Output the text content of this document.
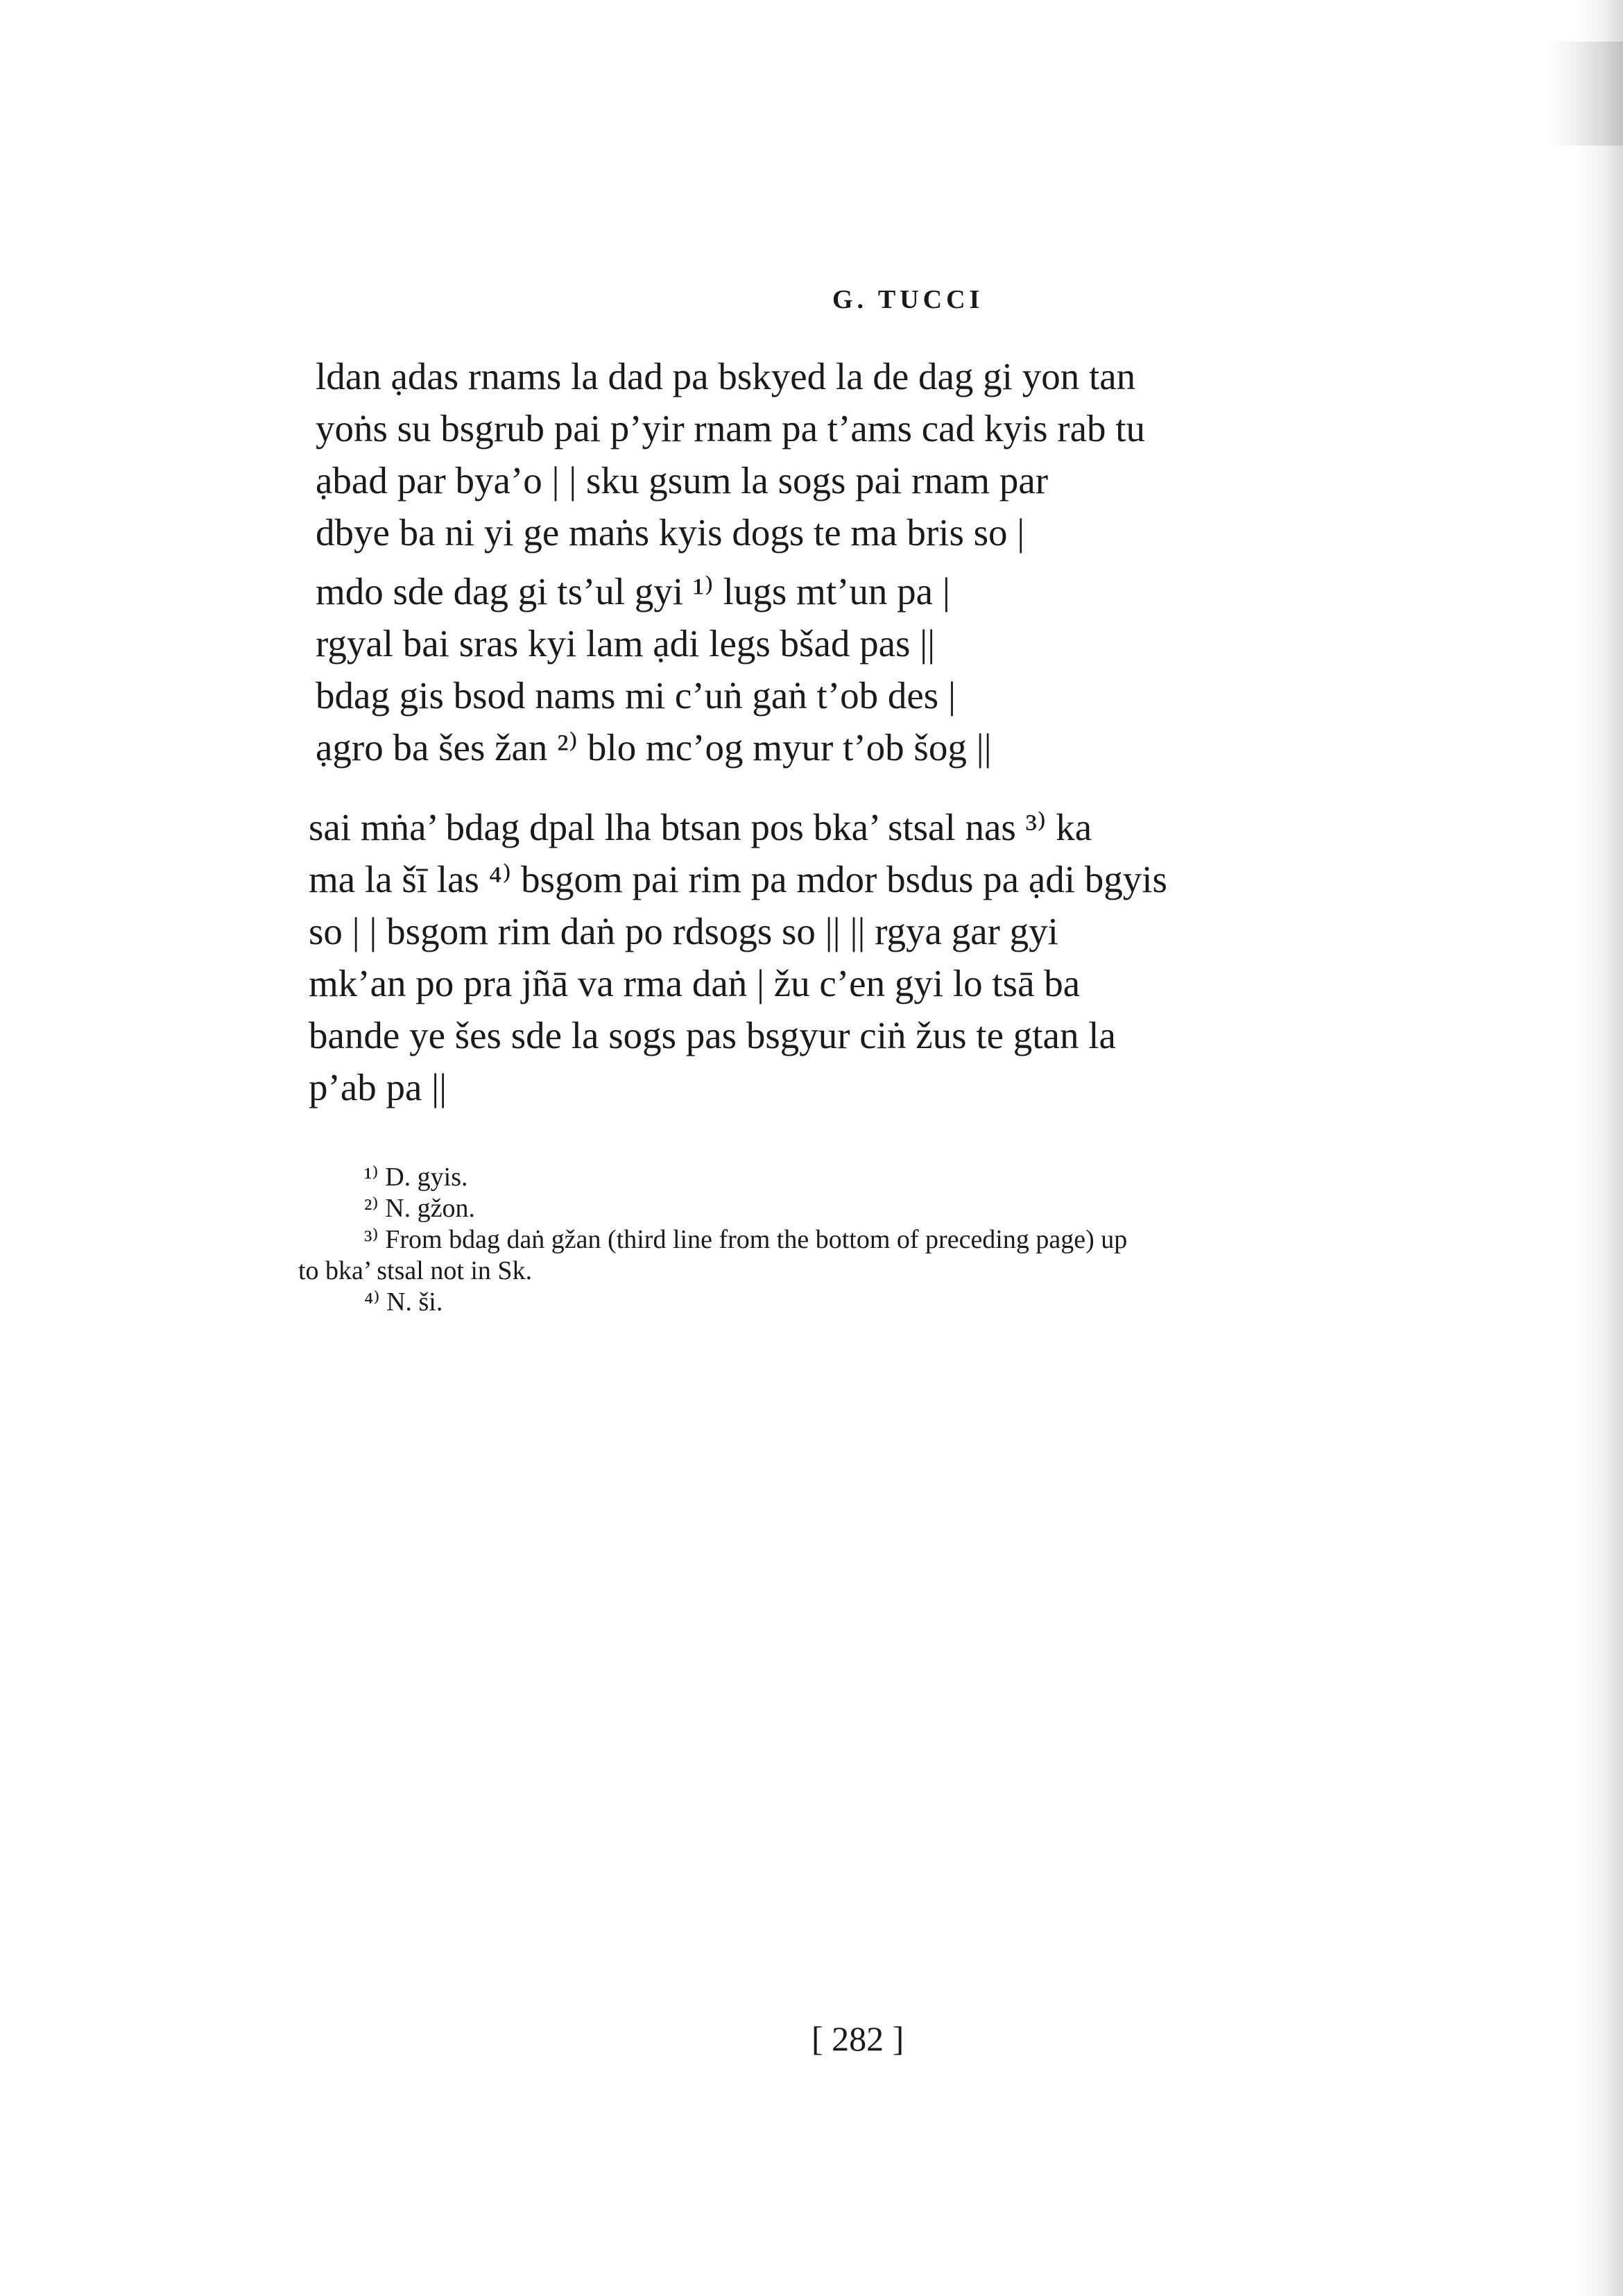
G. TUCCI
ldan ạdas rnams la dad pa bskyed la de dag gi yon tan
yoṅs su bsgrub pai p’yir rnam pa t’ams cad kyis rab tu
ạbad par bya’o | | sku gsum la sogs pai rnam par
dbye ba ni yi ge maṅs kyis dogs te ma bris so |
mdo sde dag gi ts’ul gyi ¹⁾ lugs mt’un pa |
rgyal bai sras kyi lam ạdi legs bšad pas ||
bdag gis bsod nams mi c’uṅ gaṅ t’ob des |
ạgro ba šes žan ²⁾ blo mc’og myur t’ob šog ||
sai mṅa’ bdag dpal lha btsan pos bka’ stsal nas ³⁾ ka
ma la šī las ⁴⁾ bsgom pai rim pa mdor bsdus pa ạdi bgyis
so | | bsgom rim daṅ po rdsogs so || || rgya gar gyi
mk’an po pra jñā va rma daṅ | žu c’en gyi lo tsā ba
bande ye šes sde la sogs pas bsgyur ciṅ žus te gtan la
p’ab pa ||
¹⁾ D. gyis.
²⁾ N. gžon.
³⁾ From bdag daṅ gžan (third line from the bottom of preceding page) up
to bka’ stsal not in Sk.
⁴⁾ N. ši.
[ 282 ]
